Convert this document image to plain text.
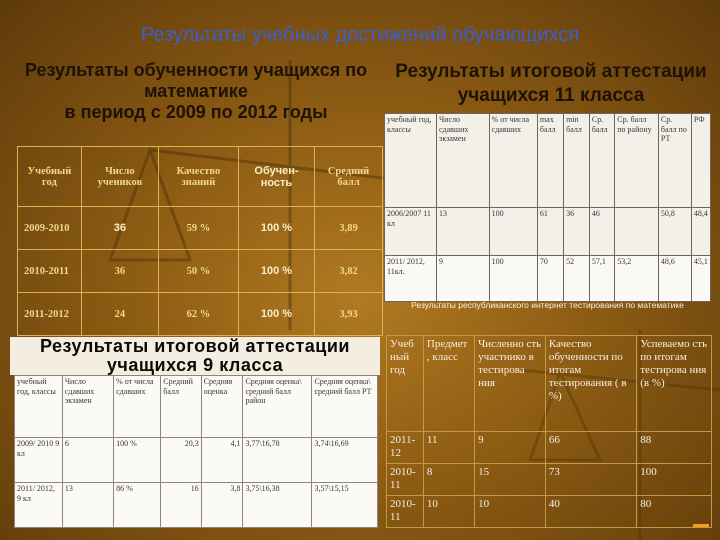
Результаты учебных достижений обучающихся
Результаты обученности учащихся по
математике
в период с 2009 по 2012 годы
Учебный год	Число учеников	Качество знаний	Обучен-ность	Средний балл
2009-2010	36	59 %	100 %	3,89
2010-2011	36	50 %	100 %	3,82
2011-2012	24	62 %	100 %	3,93
Результаты итоговой аттестации
учащихся 11 класса
учебный год, классы	Число сдавших экзамен	% от числа сдавших	max балл	min балл	Ср. балл	Ср. балл по району	Ср. балл по РТ	РФ
2006/2007 11 кл	13	100	61	36	46		50,8	48,4
2011/ 2012, 11кл.	9	100	70	52	57,1	53,2	48,6	45,1
Результаты республиканского интернет тестирования по математике
Результаты итоговой аттестации
учащихся 9 класса
учебный год, классы	Число сдавших экзамен	% от числа сдавших	Средний балл	Средняя оценка	Средняя оценка\ средний балл район	Средняя оценка\ средний балл РТ
2009/ 2010 9 кл	6	100 %	20,3	4,1	3,77\16,78	3,74\16,69
2011/ 2012, 9 кл	13	86 %	16	3,8	3,75\16,38	3,57\15,15
Учеб ный год	Предмет , класс	Численно сть участнико в тестирова ния	Качество обученности по итогам тестирования ( в %)	Успеваемо сть по итогам тестирова ния (в %)
2011-12	11	9	66	88
2010-11	8	15	73	100
2010-11	10	10	40	80
